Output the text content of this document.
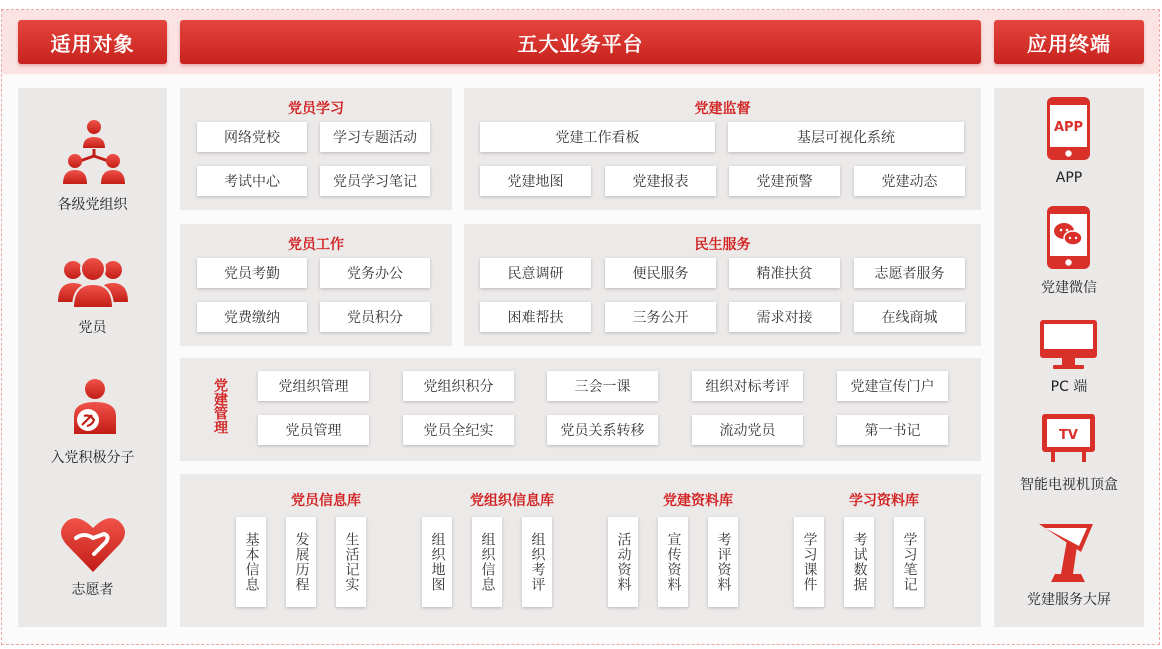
适用对象	五大业务平台	应用终端
各级党组织
党员
入党积极分子
志愿者
APP
APP
党建微信
PC 端
TV
智能电视机顶盒
党建服务大屏
党员学习
网络党校	学习专题活动
考试中心	党员学习笔记
党员工作
党员考勤	党务办公
党费缴纳	党员积分
党建监督
党建工作看板	基层可视化系统
党建地图	党建报表	党建预警	党建动态
民生服务
民意调研	便民服务	精准扶贫	志愿者服务
困难帮扶	三务公开	需求对接	在线商城
党建管理	党组织管理	党组织积分	三会一课	组织对标考评	党建宣传门户
党员管理	党员全纪实	党员关系转移	流动党员	第一书记
党员信息库
基本信息	发展历程	生活记实
党组织信息库
组织地图	组织信息	组织考评
党建资料库
活动资料	宣传资料	考评资料
学习资料库
学习课件	考试数据	学习笔记
